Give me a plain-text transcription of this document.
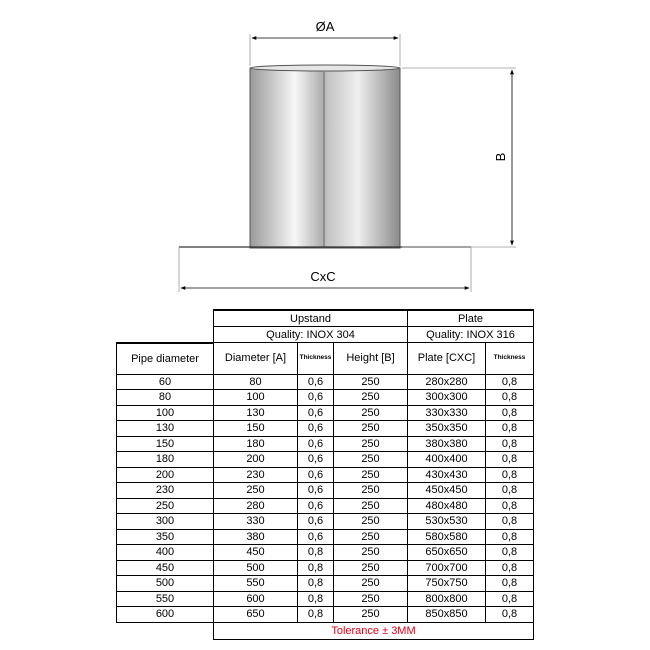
ØA
B
CxC
	Upstand			Plate	
	Quality: INOX 304			Quality: INOX 316	
Pipe diameter	Diameter [A]	Thickness	Height [B]	Plate [CXC]	Thickness
60	80	0,6	250	280x280	0,8
80	100	0,6	250	300x300	0,8
100	130	0,6	250	330x330	0,8
130	150	0,6	250	350x350	0,8
150	180	0,6	250	380x380	0,8
180	200	0,6	250	400x400	0,8
200	230	0,6	250	430x430	0,8
230	250	0,6	250	450x450	0,8
250	280	0,6	250	480x480	0,8
300	330	0,6	250	530x530	0,8
350	380	0,6	250	580x580	0,8
400	450	0,8	250	650x650	0,8
450	500	0,8	250	700x700	0,8
500	550	0,8	250	750x750	0,8
550	600	0,8	250	800x800	0,8
600	650	0,8	250	850x850	0,8
	Tolerance ± 3MM				
